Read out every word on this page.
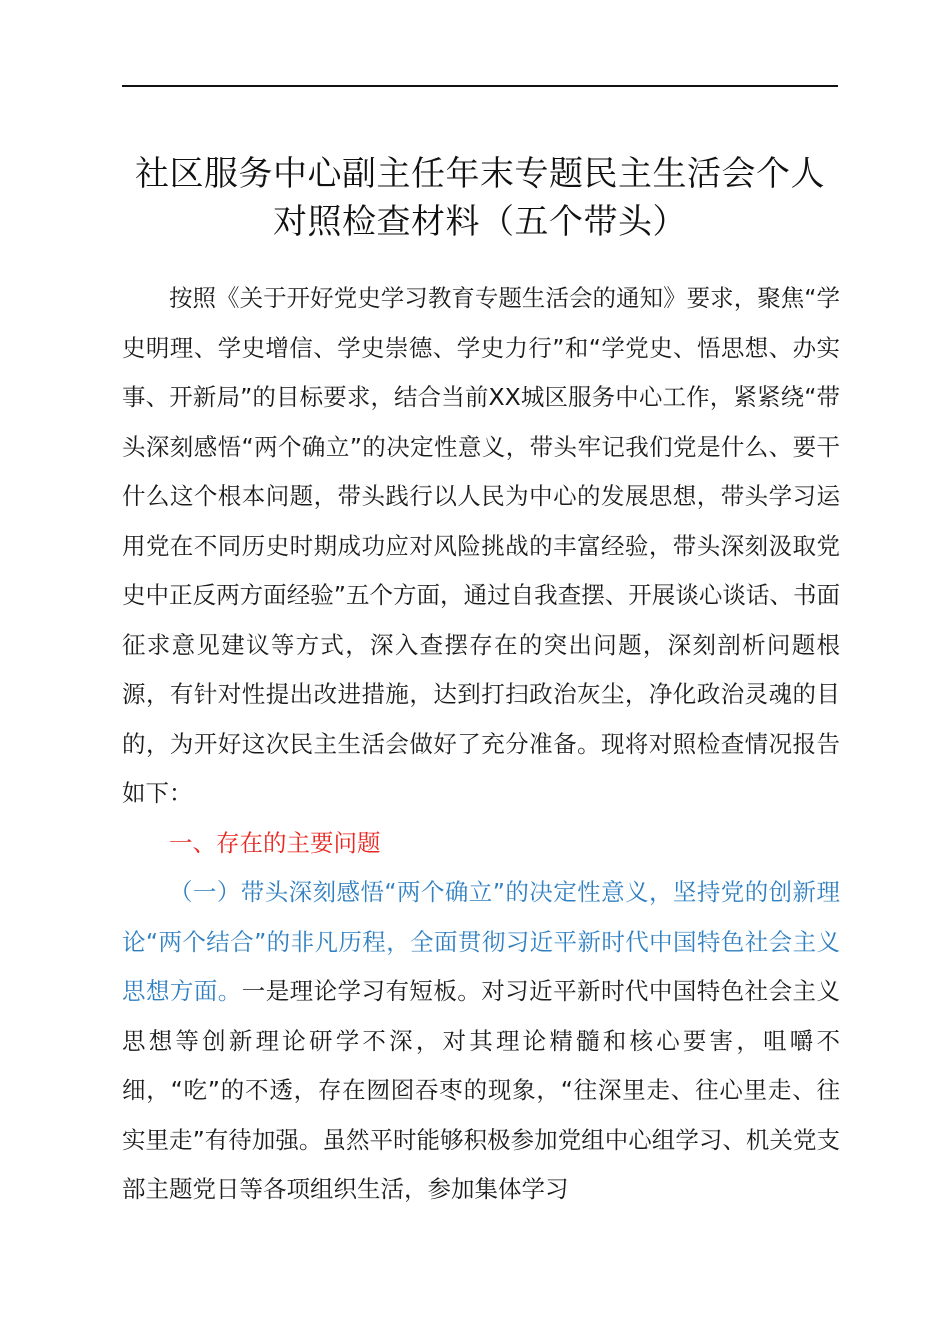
社区服务中心副主任年末专题民主生活会个人
对照检查材料（五个带头）

按照《关于开好党史学习教育专题生活会的通知》要求，聚焦“学史明理、学史增信、学史崇德、学史力行”和“学党史、悟思想、办实事、开新局”的目标要求，结合当前XX城区服务中心工作，紧紧绕“带头深刻感悟“两个确立”的决定性意义，带头牢记我们党是什么、要干什么这个根本问题，带头践行以人民为中心的发展思想，带头学习运用党在不同历史时期成功应对风险挑战的丰富经验，带头深刻汲取党史中正反两方面经验”五个方面，通过自我查摆、开展谈心谈话、书面征求意见建议等方式，深入查摆存在的突出问题，深刻剖析问题根源，有针对性提出改进措施，达到打扫政治灰尘，净化政治灵魂的目的，为开好这次民主生活会做好了充分准备。现将对照检查情况报告如下：

一、存在的主要问题

（一）带头深刻感悟“两个确立”的决定性意义，坚持党的创新理论“两个结合”的非凡历程，全面贯彻习近平新时代中国特色社会主义思想方面。一是理论学习有短板。对习近平新时代中国特色社会主义思想等创新理论研学不深，对其理论精髓和核心要害，咀嚼不细，“吃”的不透，存在囫囵吞枣的现象，“往深里走、往心里走、往实里走”有待加强。虽然平时能够积极参加党组中心组学习、机关党支部主题党日等各项组织生活，参加集体学习
